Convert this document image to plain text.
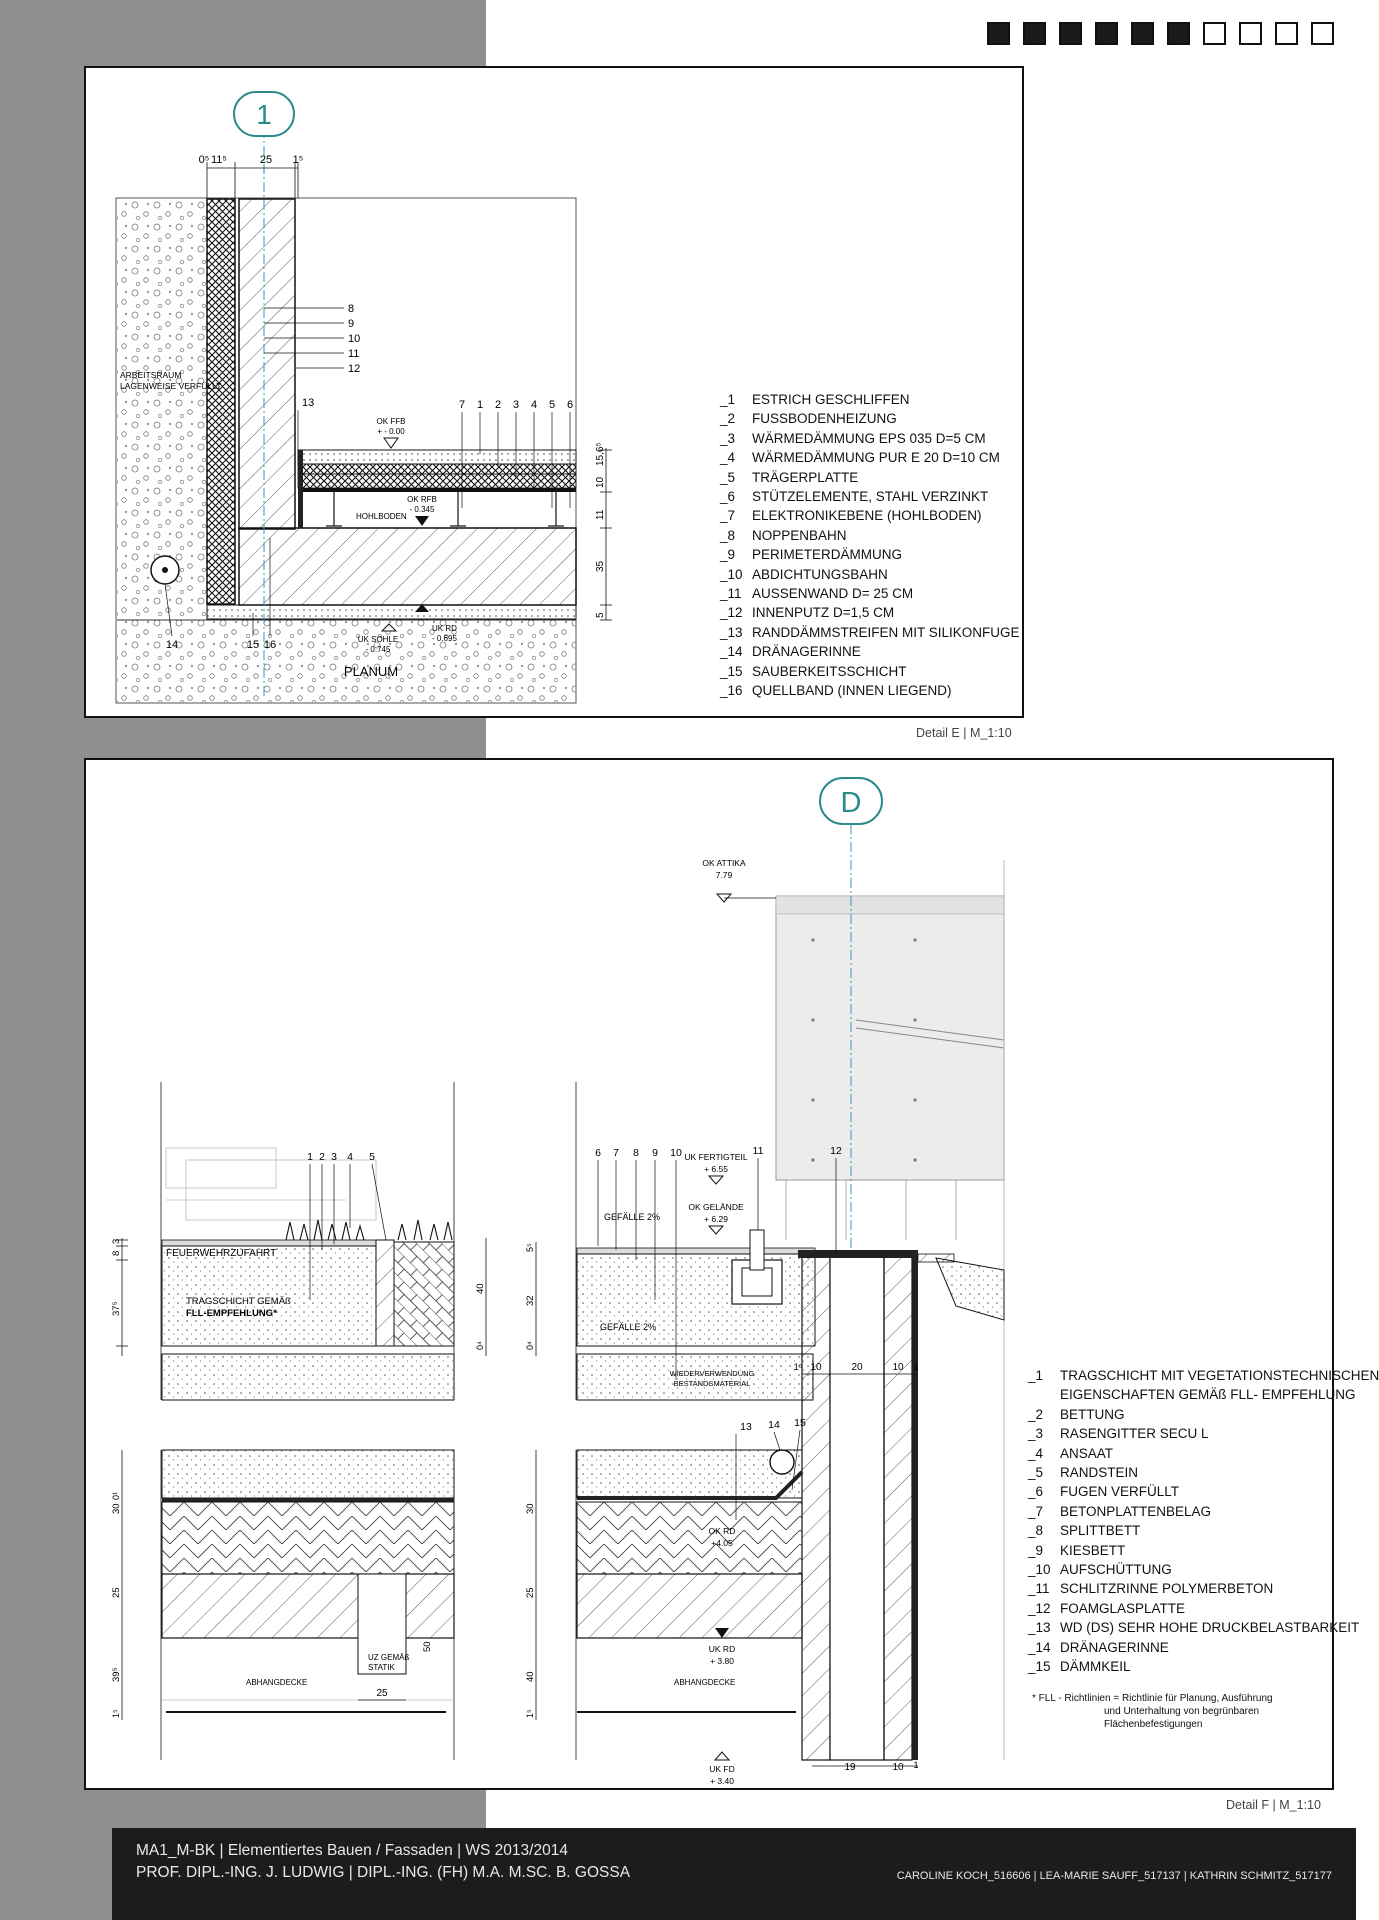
0⁵ 11⁵	25 1⁵
1
8
9
10
11
12
13	7 1 2 3 4 5 6
ARBEITSRAUM
LAGENWEISE VERFÜLLT
OK FFB
+ - 0.00
OK RFB
- 0.345
HOHLBODEN
UK RD
- 0.695
UK SOHLE
- 0.745
PLANUM
14	15 16
10
15,6⁵
11
35
5
_1	ESTRICH GESCHLIFFEN
_2	FUSSBODENHEIZUNG
_3	WÄRMEDÄMMUNG EPS 035 D=5 CM
_4	WÄRMEDÄMMUNG PUR E 20 D=10 CM
_5	TRÄGERPLATTE
_6	STÜTZELEMENTE, STAHL VERZINKT
_7	ELEKTRONIKEBENE (HOHLBODEN)
_8	NOPPENBAHN
_9	PERIMETERDÄMMUNG
_10 ABDICHTUNGSBAHN
_11 AUSSENWAND D= 25 CM
_12 INNENPUTZ D=1,5 CM
_13 RANDDÄMMSTREIFEN MIT SILIKONFUGE
_14 DRÄNAGERINNE
_15 SAUBERKEITSSCHICHT
_16 QUELLBAND (INNEN LIEGEND)
Detail E | M_1:10
OK ATTIKA
7.79
D
FEUERWEHRZUFAHRT
TRAGSCHICHT GEMÄß
FLL-EMPFEHLUNG*
1 2 3 4 5
3
8
37⁵
40
0⁴
ABHANGDECKE
UZ GEMÄß
STATIK
25
30
25
39⁵
1⁵
0¹
50
6 7 8 9 10	11	12
UK FERTIGTEIL
+ 6.55
OK GELÄNDE
+ 6.29
GEFÄLLE 2%
GEFÄLLE 2%
WIEDERVERWENDUNG
BESTANDSMATERIAL
5⁵
32
0⁴
10	20	10 1
1⁵
ABHANGDECKE
13 14 15
OK RD
+4.05
UK RD
+ 3.80
UK FD
+ 3.40
30
25
40
1⁵
19	10 1
_1	TRAGSCHICHT MIT VEGETATIONSTECHNISCHEN
EIGENSCHAFTEN GEMÄß FLL- EMPFEHLUNG
_2	BETTUNG
_3	RASENGITTER SECU L
_4	ANSAAT
_5	RANDSTEIN
_6	FUGEN VERFÜLLT
_7	BETONPLATTENBELAG
_8	SPLITTBETT
_9	KIESBETT
_10 AUFSCHÜTTUNG
_11 SCHLITZRINNE POLYMERBETON
_12 FOAMGLASPLATTE
_13 WD (DS) SEHR HOHE DRUCKBELASTBARKEIT
_14 DRÄNAGERINNE
_15 DÄMMKEIL
* FLL - Richtlinien = Richtlinie für Planung, Ausführung
und Unterhaltung von begrünbaren
Flächenbefestigungen
Detail F | M_1:10
MA1_M-BK | Elementiertes Bauen / Fassaden | WS 2013/2014
PROF. DIPL.-ING. J. LUDWIG | DIPL.-ING. (FH) M.A. M.SC. B. GOSSA	CAROLINE KOCH_516606 | LEA-MARIE SAUFF_517137 | KATHRIN SCHMITZ_517177
